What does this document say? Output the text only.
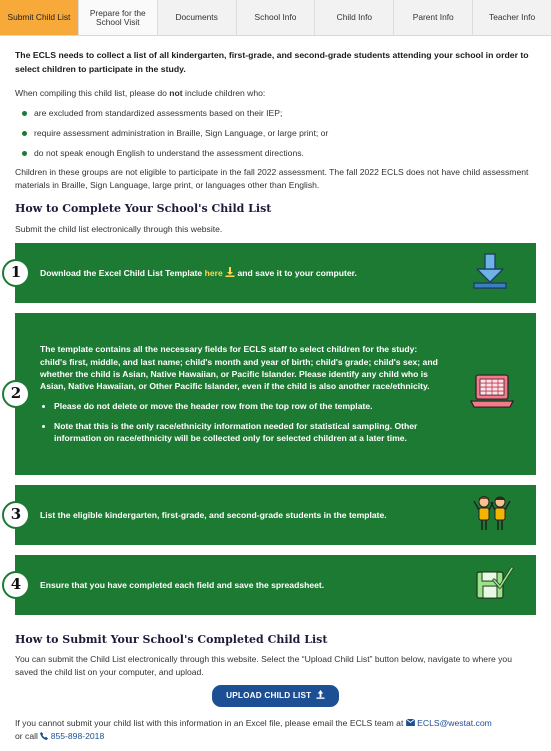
Submit Child List	Prepare for the School Visit	Documents	School Info	Child Info	Parent Info	Teacher Info

The ECLS needs to collect a list of all kindergarten, first-grade, and second-grade students attending your school in order to select children to participate in the study.

When compiling this child list, please do not include children who:

are excluded from standardized assessments based on their IEP;
require assessment administration in Braille, Sign Language, or large print; or
do not speak enough English to understand the assessment directions.

Children in these groups are not eligible to participate in the fall 2022 assessment. The fall 2022 ECLS does not have child assessment materials in Braille, Sign Language, large print, or languages other than English.

How to Complete Your School's Child List

Submit the child list electronically through this website.

1	Download the Excel Child List Template here  and save it to your computer.
2
The template contains all the necessary fields for ECLS staff to select children for the study: child's first, middle, and last name; child's month and year of birth; child's grade; child's sex; and whether the child is Asian, Native Hawaiian, or Pacific Islander. Please identify any child who is Asian, Native Hawaiian, or Other Pacific Islander, even if the child is also another race/ethnicity.
• Please do not delete or move the header row from the top row of the template.
• Note that this is the only race/ethnicity information needed for statistical sampling. Other information on race/ethnicity will be collected only for selected children at a later time.
3	List the eligible kindergarten, first-grade, and second-grade students in the template.
4	Ensure that you have completed each field and save the spreadsheet.
How to Submit Your School's Completed Child List

You can submit the Child List electronically through this website. Select the “Upload Child List” button below, navigate to where you saved the child list on your computer, and upload.

UPLOAD CHILD LIST

If you cannot submit your child list with this information in an Excel file, please email the ECLS team at  ECLS@westat.com
or call  855-898-2018
